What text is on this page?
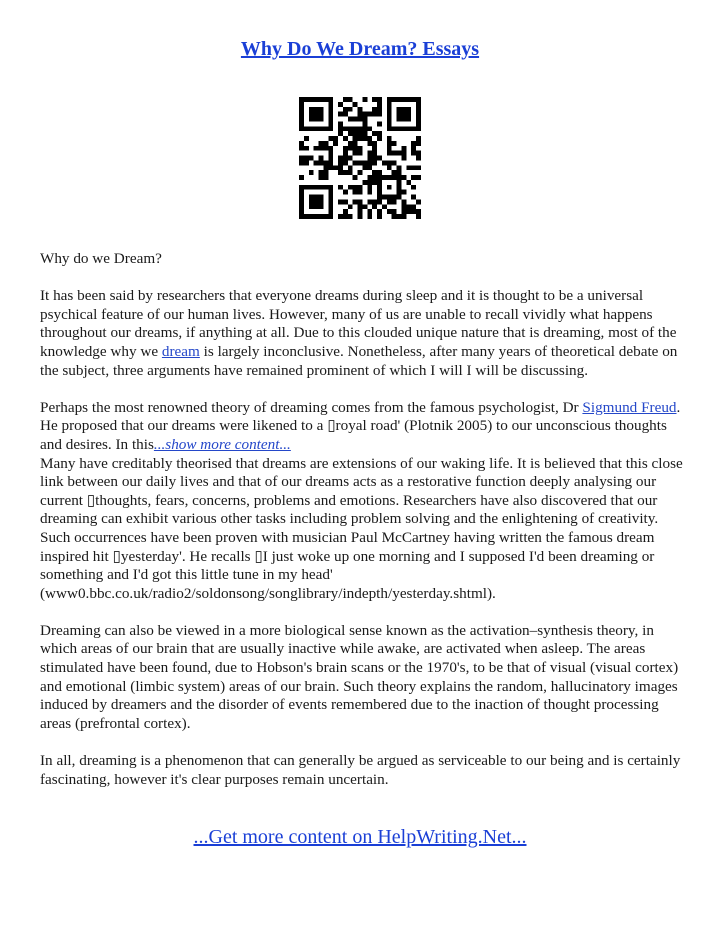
Why Do We Dream? Essays

Why do we Dream?

It has been said by researchers that everyone dreams during sleep and it is thought to be a universal psychical feature of our human lives. However, many of us are unable to recall vividly what happens throughout our dreams, if anything at all. Due to this clouded unique nature that is dreaming, most of the knowledge why we dream is largely inconclusive. Nonetheless, after many years of theoretical debate on the subject, three arguments have remained prominent of which I will I will be discussing.

Perhaps the most renowned theory of dreaming comes from the famous psychologist, Dr Sigmund Freud. He proposed that our dreams were likened to a ▯royal road' (Plotnik 2005) to our unconscious thoughts and desires. In this...show more content...

Many have creditably theorised that dreams are extensions of our waking life. It is believed that this close link between our daily lives and that of our dreams acts as a restorative function deeply analysing our current ▯thoughts, fears, concerns, problems and emotions. Researchers have also discovered that our dreaming can exhibit various other tasks including problem solving and the enlightening of creativity. Such occurrences have been proven with musician Paul McCartney having written the famous dream inspired hit ▯yesterday'. He recalls ▯I just woke up one morning and I supposed I'd been dreaming or something and I'd got this little tune in my head' (www0.bbc.co.uk/radio2/soldonsong/songlibrary/indepth/yesterday.shtml).

Dreaming can also be viewed in a more biological sense known as the activation–synthesis theory, in which areas of our brain that are usually inactive while awake, are activated when asleep. The areas stimulated have been found, due to Hobson's brain scans or the 1970's, to be that of visual (visual cortex) and emotional (limbic system) areas of our brain. Such theory explains the random, hallucinatory images induced by dreamers and the disorder of events remembered due to the inaction of thought processing areas (prefrontal cortex).

In all, dreaming is a phenomenon that can generally be argued as serviceable to our being and is certainly fascinating, however it's clear purposes remain uncertain.

...Get more content on HelpWriting.Net...
